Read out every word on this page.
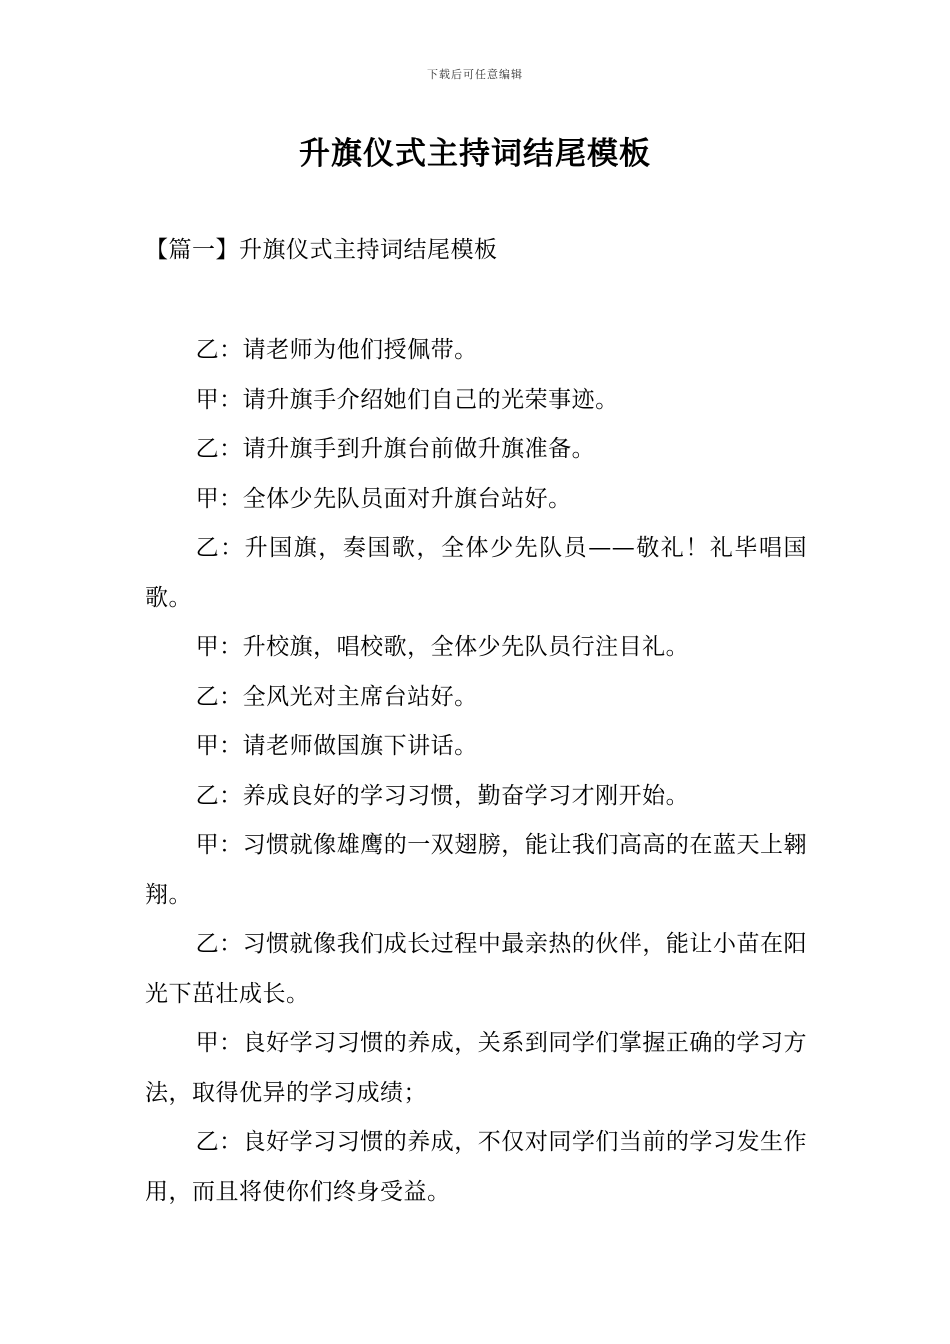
下载后可任意编辑
升旗仪式主持词结尾模板
【篇一】升旗仪式主持词结尾模板

乙：请老师为他们授佩带。

甲：请升旗手介绍她们自己的光荣事迹。

乙：请升旗手到升旗台前做升旗准备。

甲：全体少先队员面对升旗台站好。

乙：升国旗，奏国歌，全体少先队员——敬礼！礼毕唱国歌。

甲：升校旗，唱校歌，全体少先队员行注目礼。

乙：全风光对主席台站好。

甲：请老师做国旗下讲话。

乙：养成良好的学习习惯，勤奋学习才刚开始。

甲：习惯就像雄鹰的一双翅膀，能让我们高高的在蓝天上翱翔。

乙：习惯就像我们成长过程中最亲热的伙伴，能让小苗在阳光下茁壮成长。

甲：良好学习习惯的养成，关系到同学们掌握正确的学习方法，取得优异的学习成绩；

乙：良好学习习惯的养成，不仅对同学们当前的学习发生作用，而且将使你们终身受益。
